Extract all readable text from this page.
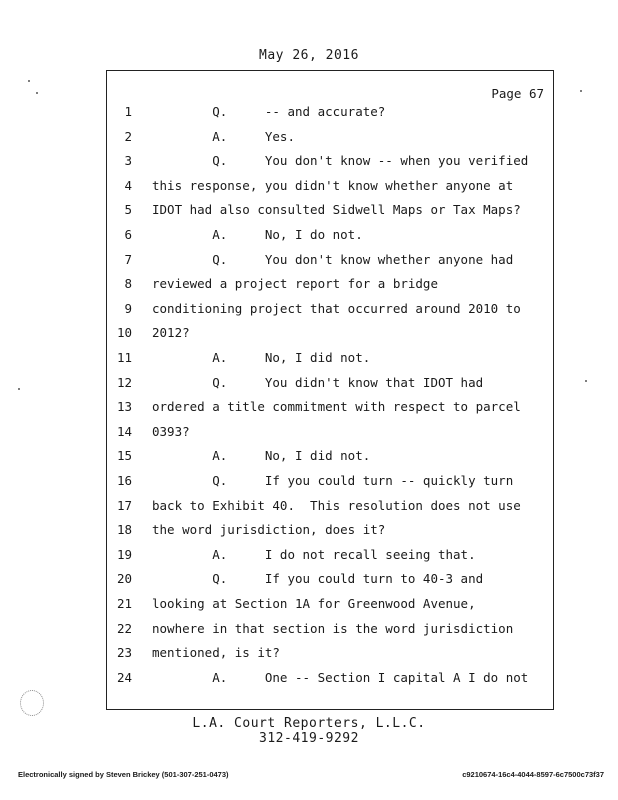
May 26, 2016
Page 67
1 Q.     -- and accurate?
2 A.     Yes.
3 Q.     You don't know -- when you verified
4 this response, you didn't know whether anyone at
5 IDOT had also consulted Sidwell Maps or Tax Maps?
6 A.     No, I do not.
7 Q.     You don't know whether anyone had
8 reviewed a project report for a bridge
9 conditioning project that occurred around 2010 to
10 2012?
11 A.     No, I did not.
12 Q.     You didn't know that IDOT had
13 ordered a title commitment with respect to parcel
14 0393?
15 A.     No, I did not.
16 Q.     If you could turn -- quickly turn
17 back to Exhibit 40.  This resolution does not use
18 the word jurisdiction, does it?
19 A.     I do not recall seeing that.
20 Q.     If you could turn to 40-3 and
21 looking at Section 1A for Greenwood Avenue,
22 nowhere in that section is the word jurisdiction
23 mentioned, is it?
24 A.     One -- Section I capital A I do not
L.A. Court Reporters, L.L.C.
312-419-9292
Electronically signed by Steven Brickey (501-307-251-0473)	c9210674-16c4-4044-8597-6c7500c73f37
